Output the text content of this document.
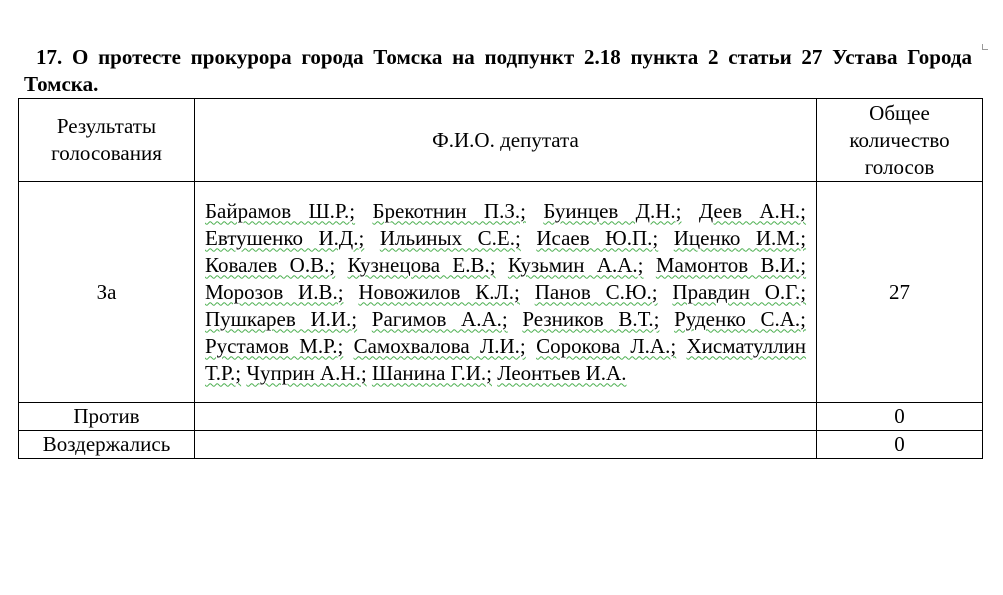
17. О протесте прокурора города Томска на подпункт 2.18 пункта 2 статьи 27 Устава Города Томска.
Результаты голосования	Ф.И.О. депутата	Общее количество голосов
За	Байрамов Ш.Р.; Брекотнин П.З.; Буинцев Д.Н.; Деев А.Н.; Евтушенко И.Д.; Ильиных С.Е.; Исаев Ю.П.; Иценко И.М.; Ковалев О.В.; Кузнецова Е.В.; Кузьмин А.А.; Мамонтов В.И.; Морозов И.В.; Новожилов К.Л.; Панов С.Ю.; Правдин О.Г.; Пушкарев И.И.; Рагимов А.А.; Резников В.Т.; Руденко С.А.; Рустамов М.Р.; Самохвалова Л.И.; Сорокова Л.А.; Хисматуллин Т.Р.; Чуприн А.Н.; Шанина Г.И.; Леонтьев И.А.	27
Против		0
Воздержались		0
